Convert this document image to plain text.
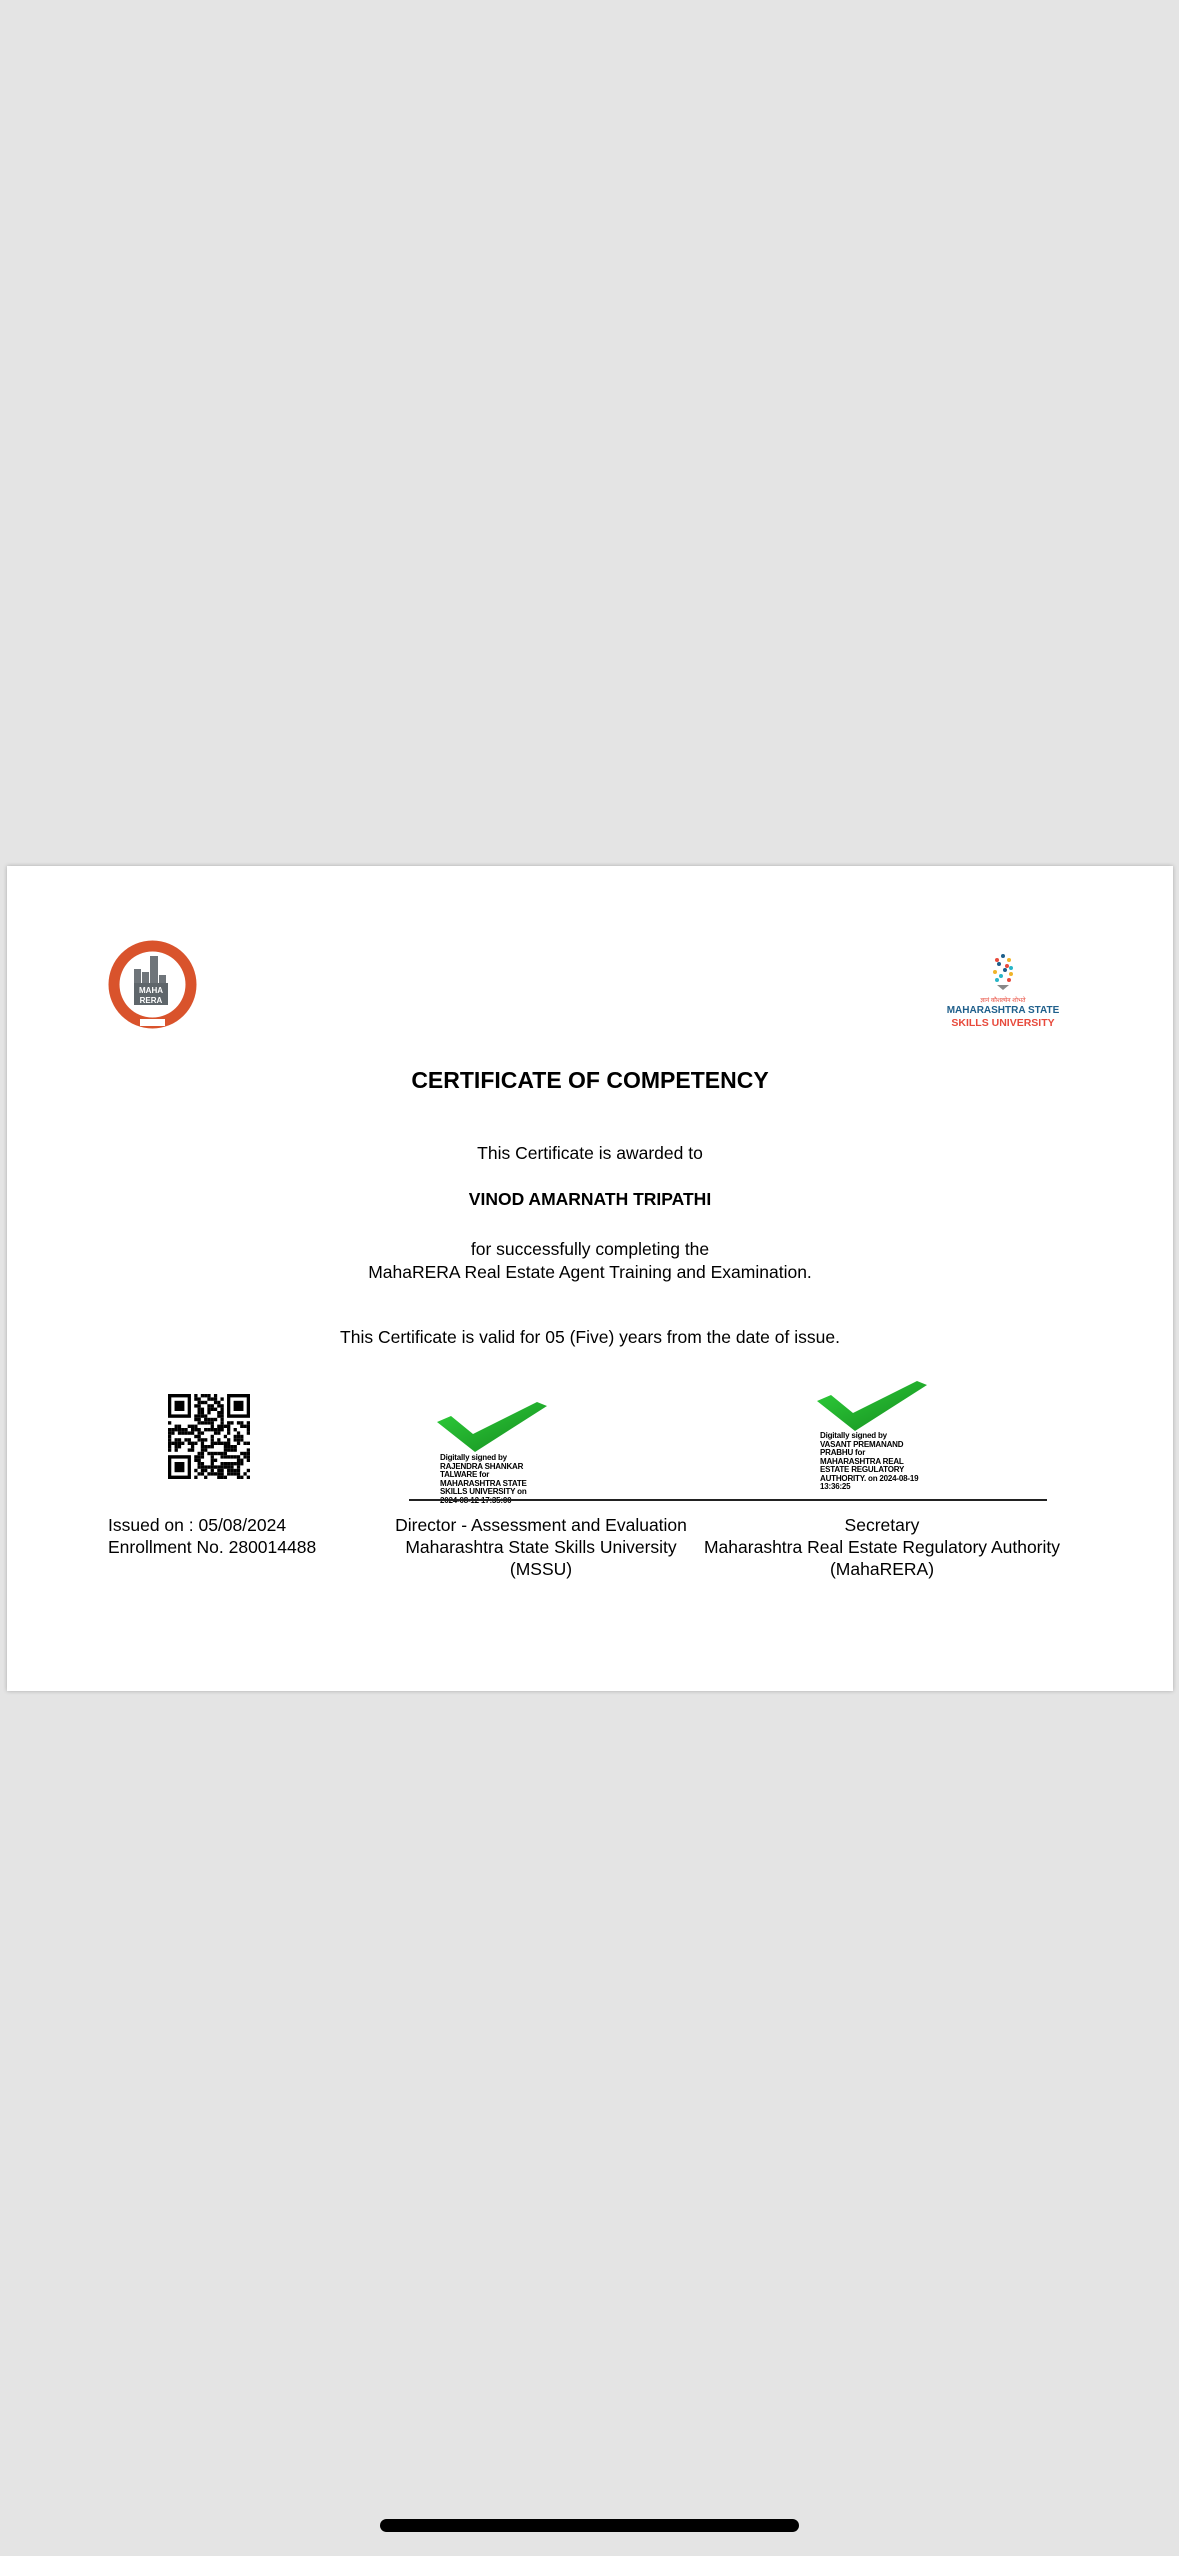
MAHA
RERA	ज्ञानं कौशल्येन शोभते
MAHARASHTRA STATE
SKILLS UNIVERSITY
CERTIFICATE OF COMPETENCY
This Certificate is awarded to
VINOD AMARNATH TRIPATHI
for successfully completing the
MahaRERA Real Estate Agent Training and Examination.
This Certificate is valid for 05 (Five) years from the date of issue.
Digitally signed by
RAJENDRA SHANKAR
TALWARE for
MAHARASHTRA STATE
SKILLS UNIVERSITY on
Digitally signed by
VASANT PREMANAND
PRABHU for
MAHARASHTRA REAL
ESTATE REGULATORY
AUTHORITY. on 2024-08-19
13:36:25
Issued on : 05/08/2024
Enrollment No. 280014488
Director - Assessment and Evaluation
Maharashtra State Skills University
(MSSU)
Secretary
Maharashtra Real Estate Regulatory Authority
(MahaRERA)
